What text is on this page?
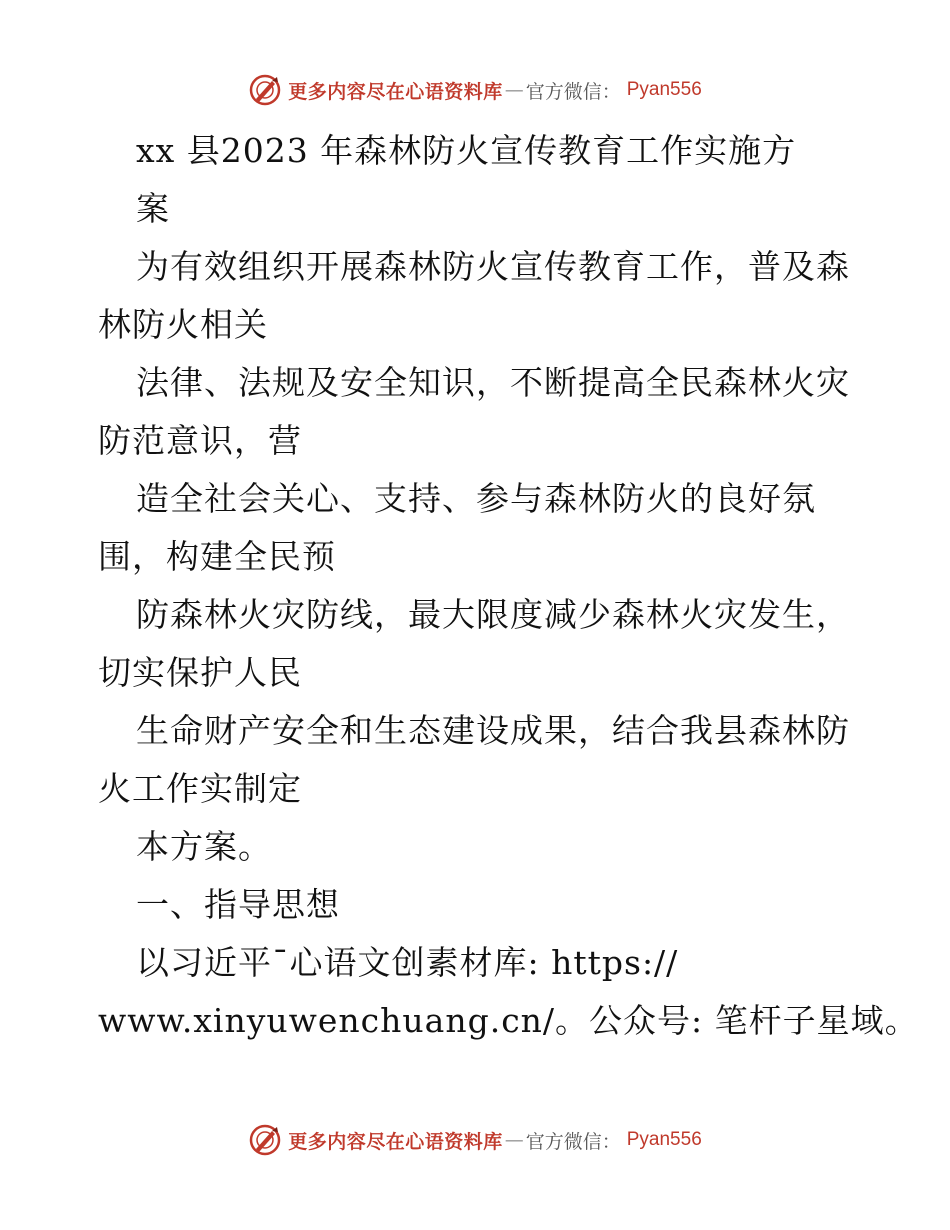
更多内容尽在心语资料库 — 官方微信： Pyan556
xx 县2023 年森林防火宣传教育工作实施方
案
为有效组织开展森林防火宣传教育工作，普及森
林防火相关
法律、法规及安全知识，不断提高全民森林火灾
防范意识，营
造全社会关心、支持、参与森林防火的良好氛
围，构建全民预
防森林火灾防线，最大限度减少森林火灾发生，
切实保护人民
生命财产安全和生态建设成果，结合我县森林防
火工作实制定
本方案。
一、指导思想
以习近平¯心语文创素材库: https://
www.xinyuwenchuang.cn/。公众号: 笔杆子星域。
更多内容尽在心语资料库 — 官方微信： Pyan556
